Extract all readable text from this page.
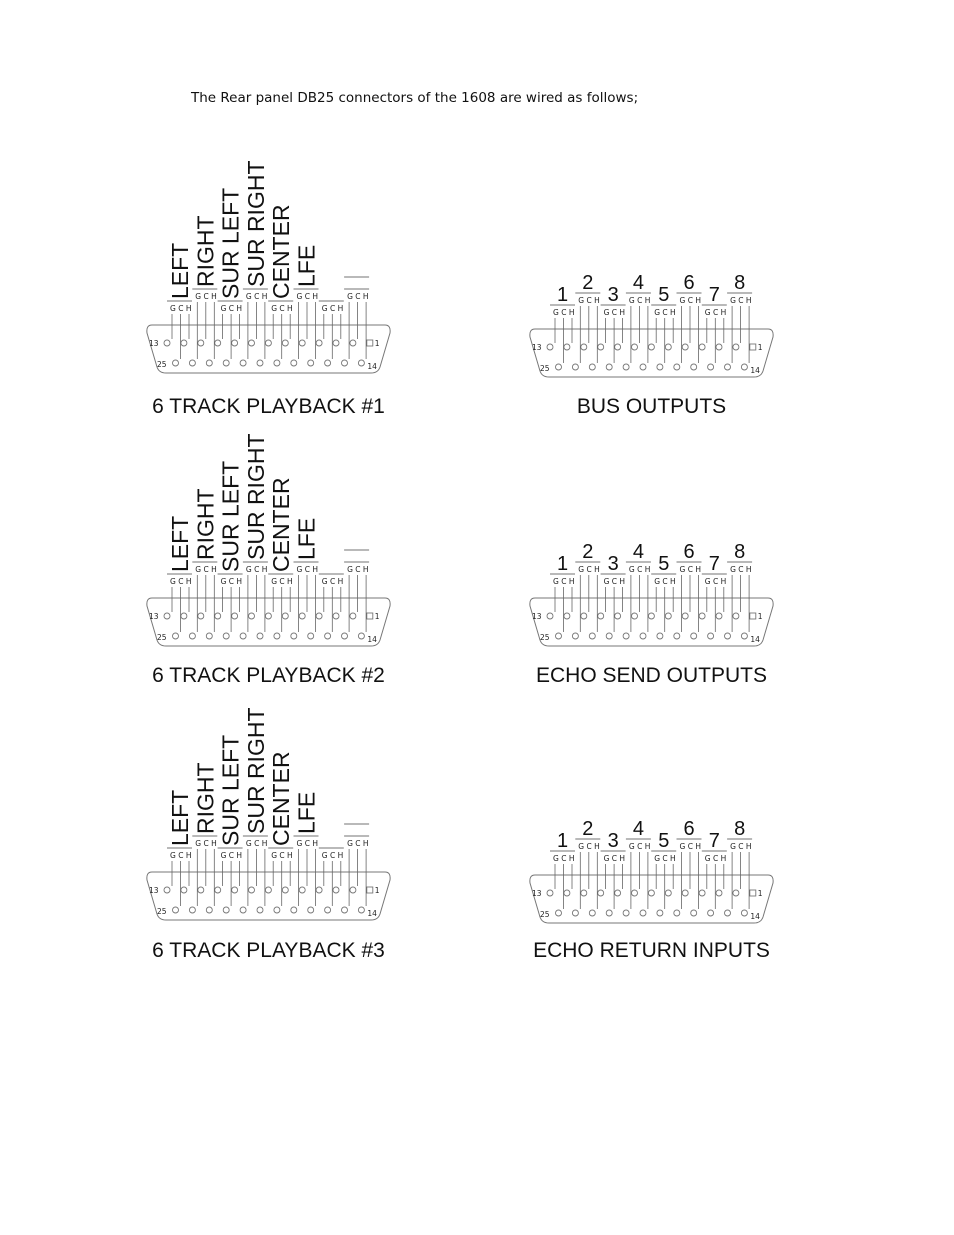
The Rear panel DB25 connectors of the 1608 are wired as follows;
13	1
25	14
G C H
G C H
G C H
G C H
G C H
G C H
G C H
G C H
LEFT RIGHT SUR LEFT SUR RIGHT CENTER LFE
6 TRACK PLAYBACK #1
13	1
25	14
G C H
G C H
G C H
G C H
G C H
G C H
G C H
G C H
1
2
3
4
5
6
7
8
BUS OUTPUTS
13	1
25	14
G C H
G C H
G C H
G C H
G C H
G C H
G C H
G C H
LEFT RIGHT SUR LEFT SUR RIGHT CENTER LFE
6 TRACK PLAYBACK #2
13	1
25	14
G C H
G C H
G C H
G C H
G C H
G C H
G C H
G C H
1
2
3
4
5
6
7
8
ECHO SEND OUTPUTS
13	1
25	14
G C H
G C H
G C H
G C H
G C H
G C H
G C H
G C H
LEFT RIGHT SUR LEFT SUR RIGHT CENTER LFE
6 TRACK PLAYBACK #3
13	1
25	14
G C H
G C H
G C H
G C H
G C H
G C H
G C H
G C H
1
2
3
4
5
6
7
8
ECHO RETURN INPUTS
